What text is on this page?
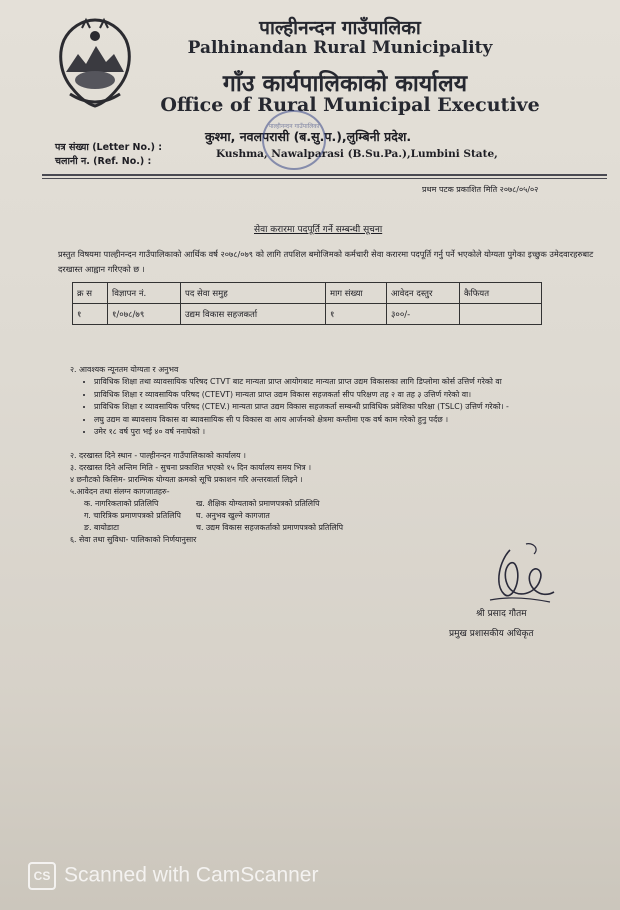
पाल्हीनन्दन गाउँपालिका
Palhinandan Rural Municipality
गाँउ कार्यपालिकाको कार्यालय
Office of Rural Municipal Executive
पत्र संख्या (Letter No.) :
चलानी न. (Ref. No.) :
कुश्मा, नवलपरासी (ब.सु.प.),लुम्बिनी प्रदेश.
Kushma, Nawalparasi (B.Su.Pa.),Lumbini State,
पाल्हीनन्दन गाउँपालिका
प्रथम पटक प्रकाशित मिति २०७८/०५/०२
सेवा करारमा पदपूर्ति गर्ने सम्बन्धी सूचना
प्रस्तुत विषयमा पाल्हीनन्दन गाउँपालिकाको आर्थिक वर्ष २०७८/०७९ को लागि तपशिल बमोजिमको कर्मचारी सेवा करारमा पदपूर्ति गर्नु पर्ने भएकोले योग्यता पुगेका इच्छुक उमेदवारहरुबाट दरखास्त आह्वान गरिएको छ ।
क्र स	विज्ञापन नं.	पद सेवा समुह	माग संख्या	आवेदन दस्तुर	कैफियत
१	१/०७८/७९	उद्यम विकास सहजकर्ता	१	३००/-	
२. आवश्यक न्यूनतम योग्यता र अनुभव
• प्राविधिक शिक्षा तथा व्यावसायिक परिषद CTVT बाट मान्यता प्राप्त आयोगबाट मान्यता प्राप्त उद्यम विकासका लागि डिप्लोमा कोर्स उत्तिर्ण गरेको वा
• प्राविधिक शिक्षा र व्यावसायिक परिषद (CTEVT) मान्यता प्राप्त उद्यम विकास सहजकर्ता सीप परिक्षण तह २ वा तह ३ उत्तिर्ण गरेको वा।
• प्राविधिक शिक्षा र व्यावसायिक परिषद (CTEV.) मान्यता प्राप्त उद्यम विकास सहजकर्ता सम्बन्धी प्राविधिक प्रवेशिका परिक्षा (TSLC) उत्तिर्ण गरेको। -
• लघु उद्यम वा ब्यावसाय विकास वा ब्यावसायिक सी प विकास वा आय आर्जनको क्षेत्रमा कम्तीमा एक वर्ष काम गरेको हुनु पर्दछ ।
• उमेर १८ वर्ष पुरा भई ४० वर्ष ननाघेको ।
२. दरखास्त दिने स्थान - पाल्हीनन्दन गाउँपालिकाको कार्यालय ।
३. दरखास्त दिने अन्तिम मिति - सुचना प्रकाशित भएको १५ दिन कार्यालय समय भित्र ।
४ छनौटको किसिम- प्रारम्भिक योग्यता क्रमको सूचि प्रकाशन गरि अन्तरवार्ता लिइने ।
५.आवेदन तथा संलग्न कागजातहरु-
क. नागरिकताको प्रतिलिपि	ख. शैक्षिक योग्यताको प्रमाणपत्रको प्रतिलिपि
ग. चारित्रिक प्रमाणपत्रको प्रतिलिपि	घ. अनुभव खुल्ने कागजात
ङ. बायोडाटा	च. उद्यम विकास सहजकर्ताको प्रमाणपत्रको प्रतिलिपि
६. सेवा तथा सुविधा- पालिकाको निर्णयानुसार
श्री प्रसाद गौतम
प्रमुख प्रशासकीय अधिकृत
CS Scanned with CamScanner
